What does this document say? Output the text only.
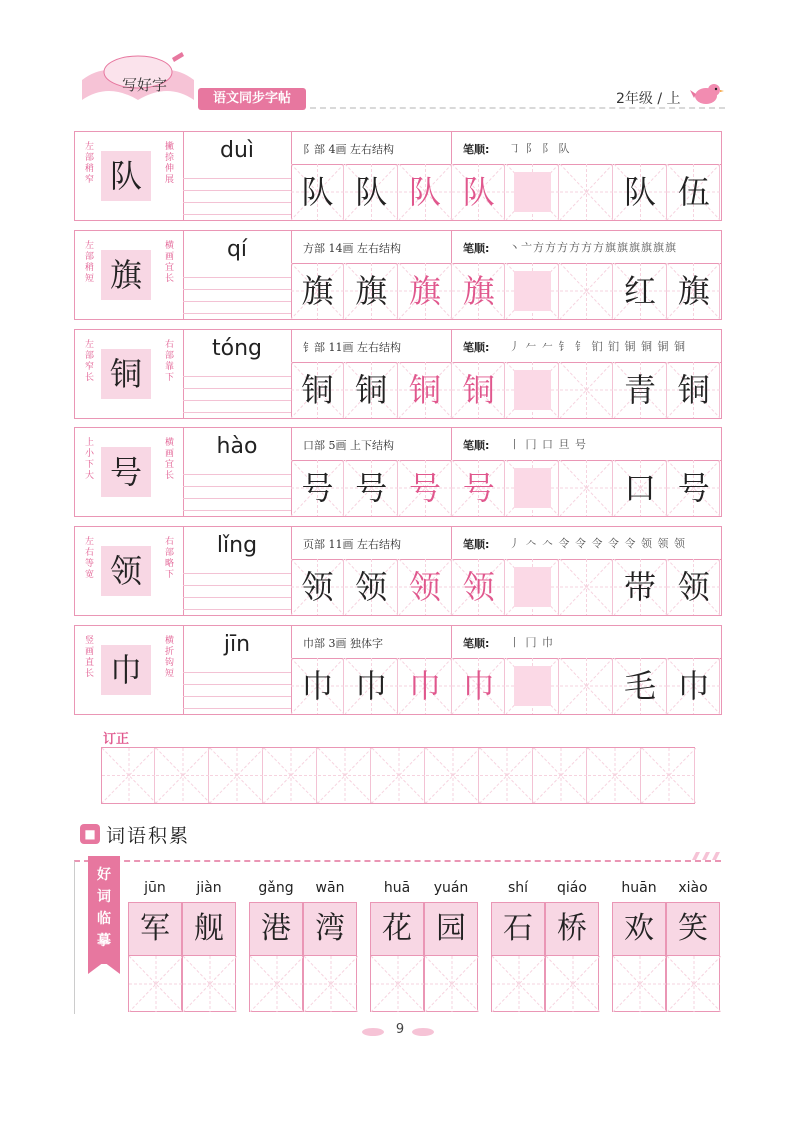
写好字
语文同步字帖	2年级 / 上
左部稍窄
撇捺伸展
队
duì	阝部 4画 左右结构	笔顺: ㇆ 阝 阝 队
队 队 队 队	队 伍
左部稍短
横画宜长
旗
qí	方部 14画 左右结构	笔顺: 丶亠方方方方方方旗旗旗旗旗旗
旗 旗 旗 旗	红 旗
左部窄长
右部靠下
铜
tóng	钅部 11画 左右结构	笔顺: 丿 𠂉 𠂉 钅 钅 钔 钔 铜 铜 铜 铜
铜 铜 铜 铜	青 铜
上小下大
横画宜长
号
hào	口部 5画 上下结构	笔顺: 丨 冂 口 旦 号
号 号 号 号	口 号
左右等宽
右部略下
领
lǐng	页部 11画 左右结构	笔顺: 丿 𠆢 𠆢 令 令 令 令 令 领 领 领
领 领 领 领	带 领
竖画直长
横折钩短
巾
jīn	巾部 3画 独体字	笔顺: 丨 冂 巾
巾 巾 巾 巾	毛 巾
订正
■ 词语积累
好词临摹
jūn	jiàn
军 舰
gǎng	wān
港 湾
huā	yuán
花 园
shí	qiáo
石 桥
huān	xiào
欢 笑
9
